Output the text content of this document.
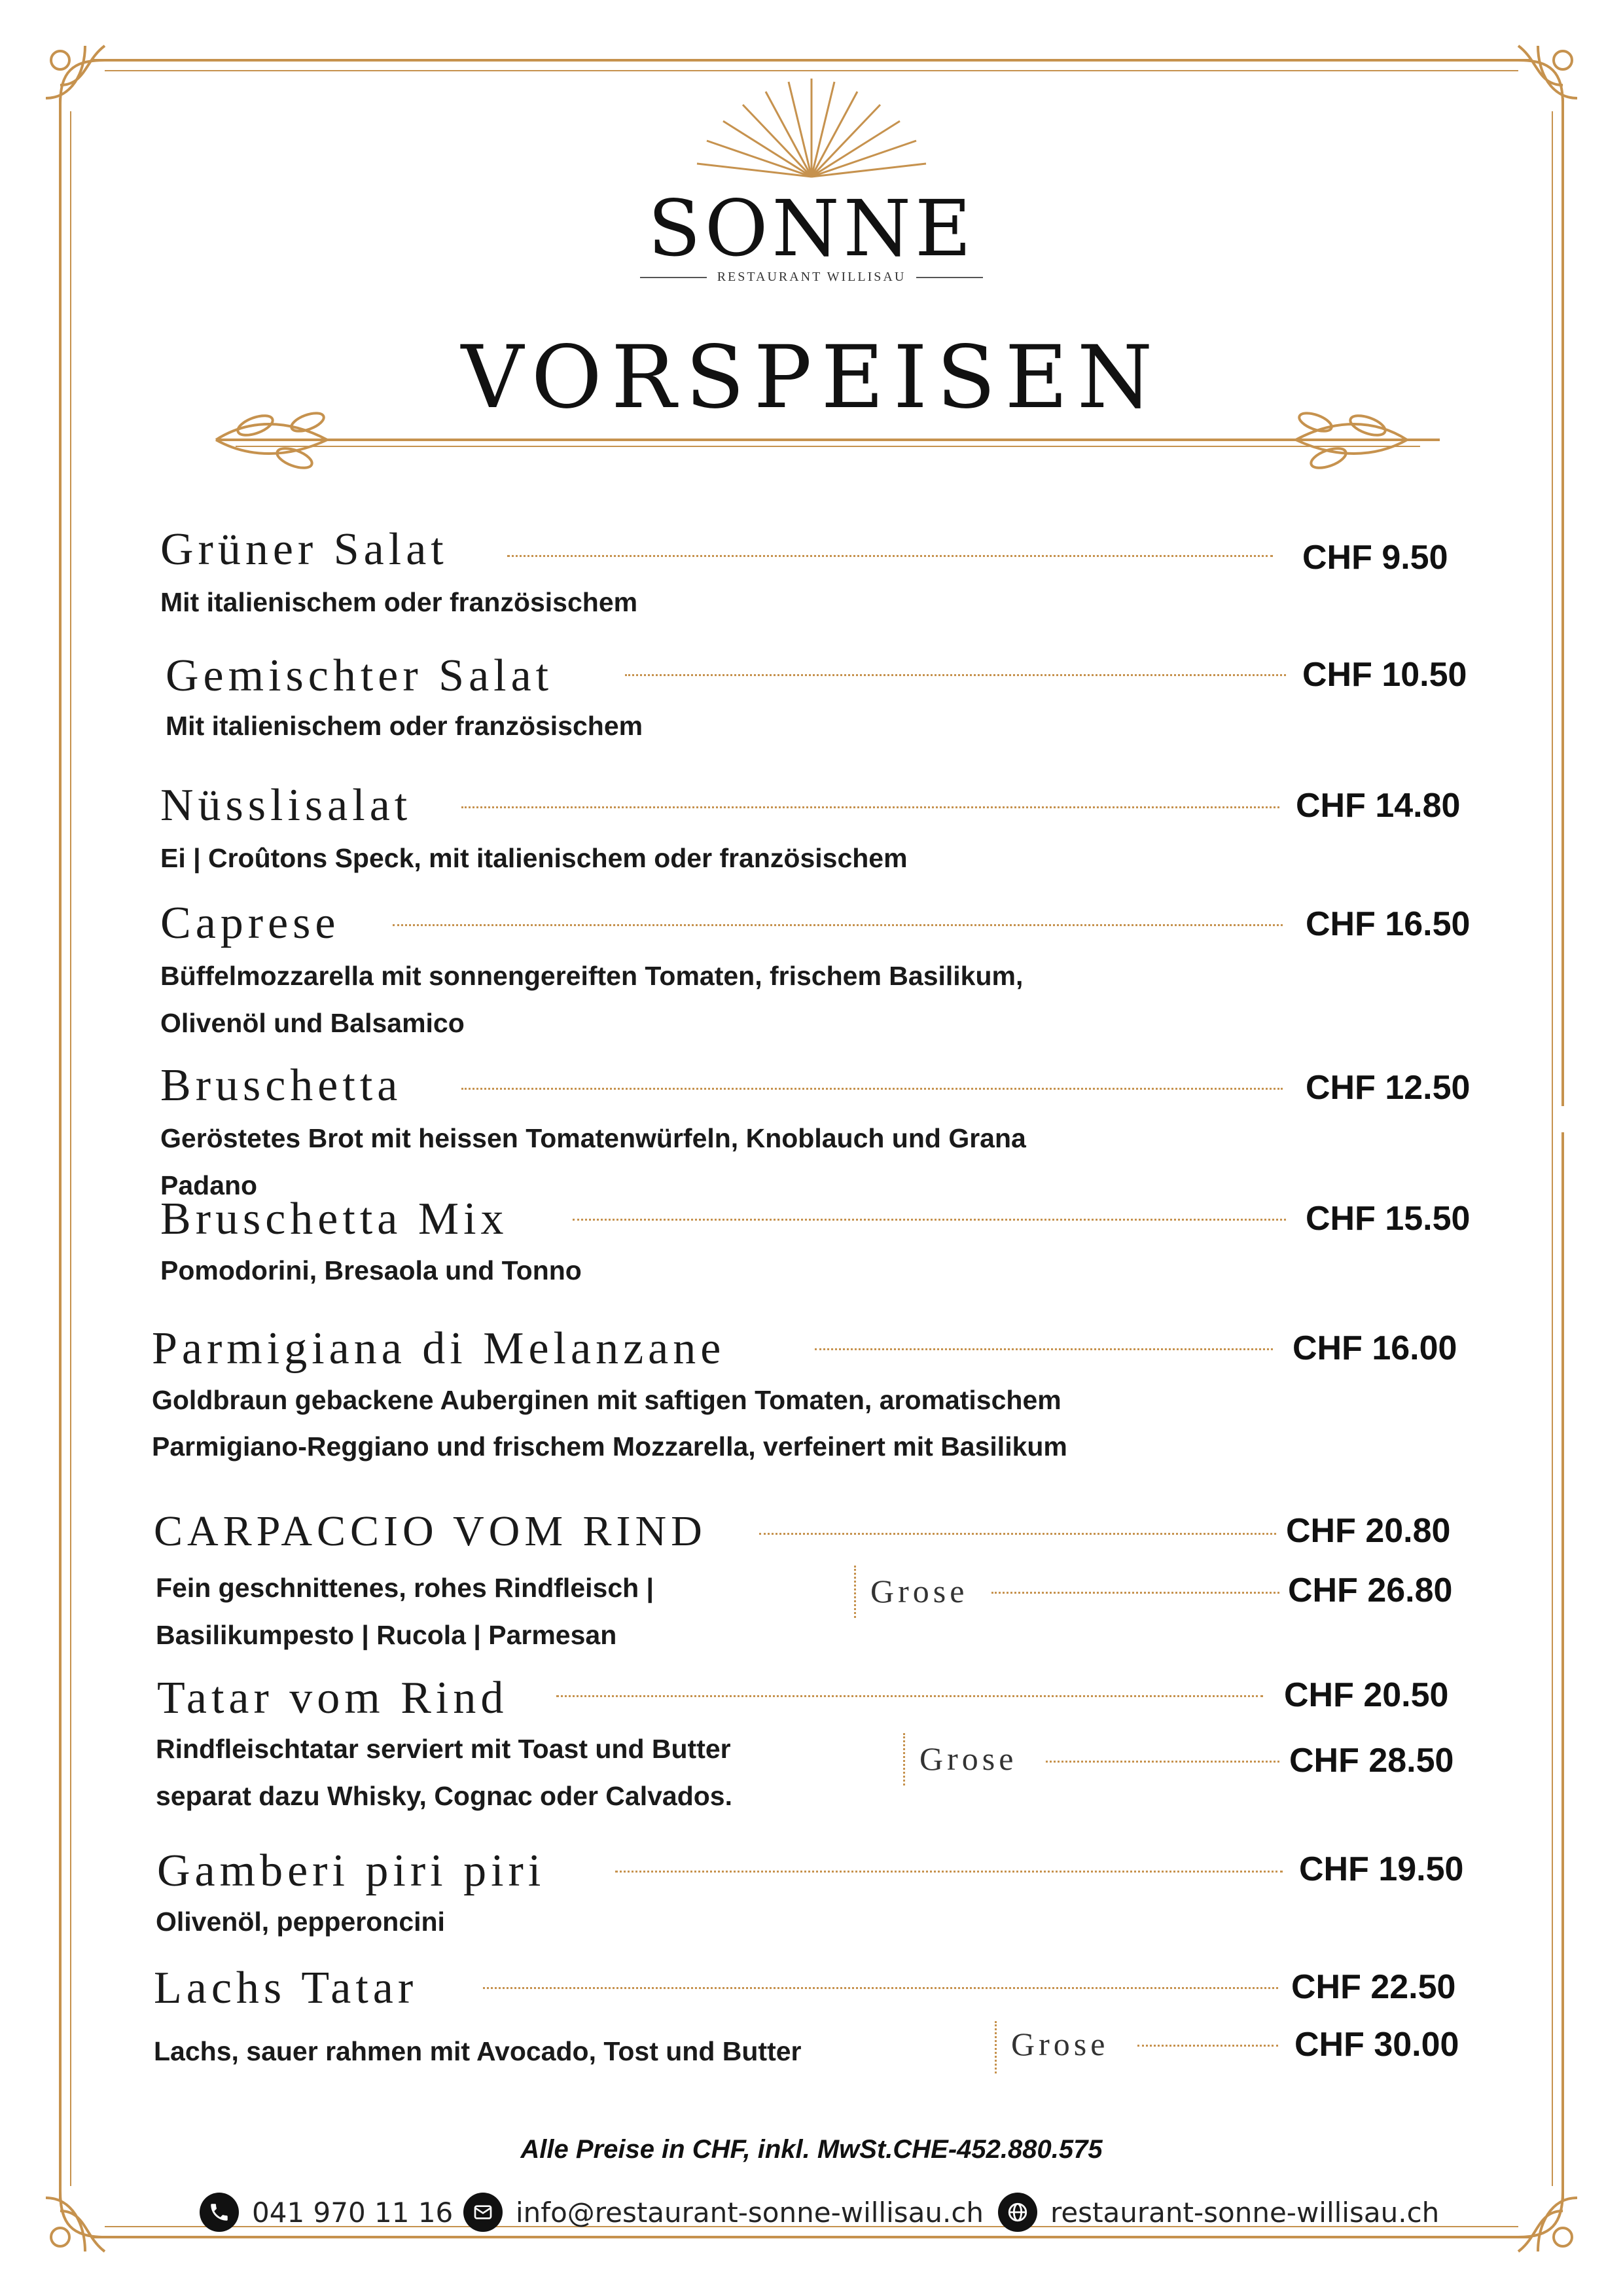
SONNE
RESTAURANT WILLISAU
VORSPEISEN
Grüner Salat	CHF 9.50
Mit italienischem oder französischem
Gemischter Salat	CHF 10.50
Mit italienischem oder französischem
Nüsslisalat	CHF 14.80
Ei | Croûtons Speck, mit italienischem oder französischem
Caprese	CHF 16.50
Büffelmozzarella mit sonnengereiften Tomaten, frischem Basilikum,
Olivenöl und Balsamico
Bruschetta	CHF 12.50
Geröstetes Brot mit heissen Tomatenwürfeln, Knoblauch und Grana
Padano
Bruschetta Mix	CHF 15.50
Pomodorini, Bresaola und Tonno
Parmigiana di Melanzane	CHF 16.00
Goldbraun gebackene Auberginen mit saftigen Tomaten, aromatischem
Parmigiano-Reggiano und frischem Mozzarella, verfeinert mit Basilikum
CARPACCIO VOM RIND	CHF 20.80
Fein geschnittenes, rohes Rindfleisch |
Basilikumpesto | Rucola | Parmesan
Grose	CHF 26.80
Tatar vom Rind	CHF 20.50
Rindfleischtatar serviert mit Toast und Butter
separat dazu Whisky, Cognac oder Calvados.
Grose	CHF 28.50
Gamberi piri piri	CHF 19.50
Olivenöl, pepperoncini
Lachs Tatar	CHF 22.50
Lachs, sauer rahmen mit Avocado, Tost und Butter	Grose	CHF 30.00
Alle Preise in CHF, inkl. MwSt.CHE-452.880.575
041 970 11 16 info@restaurant-sonne-willisau.ch restaurant-sonne-willisau.ch
